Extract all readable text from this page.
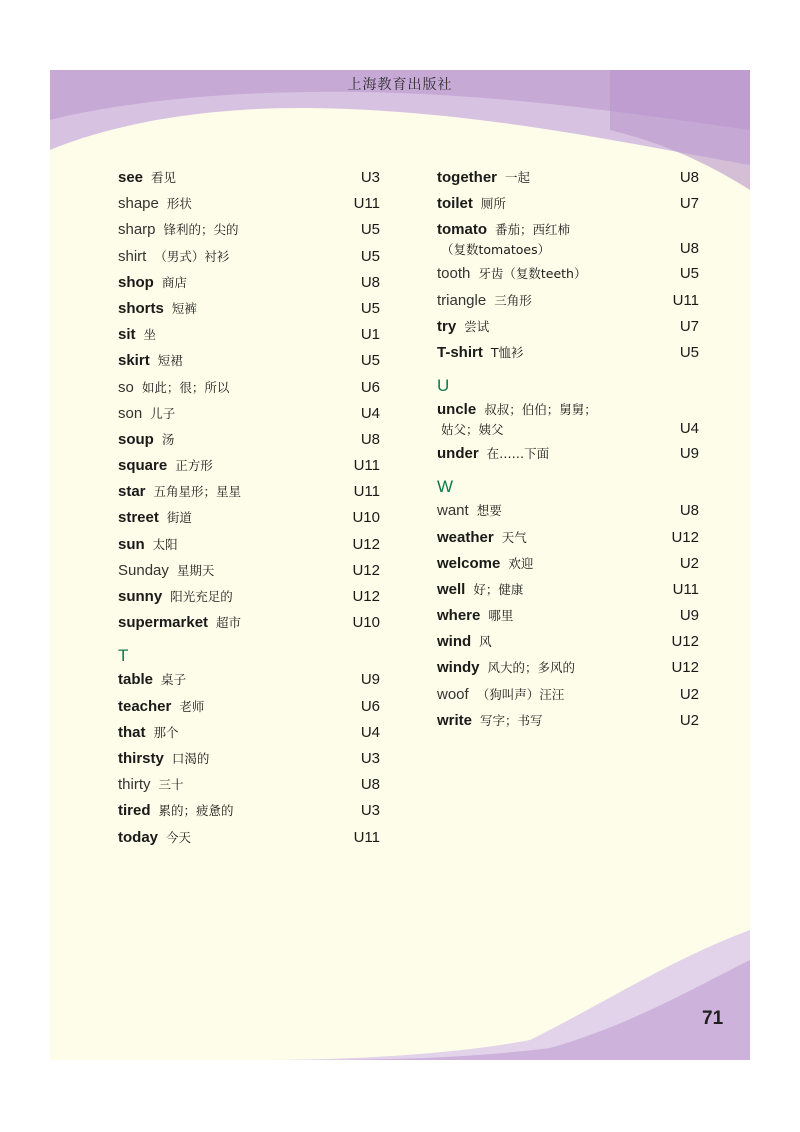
上海教育出版社
see 看见	U3
shape 形状	U11
sharp 锋利的；尖的	U5
shirt （男式）衬衫	U5
shop 商店	U8
shorts 短裤	U5
sit 坐	U1
skirt 短裙	U5
so 如此；很；所以	U6
son 儿子	U4
soup 汤	U8
square 正方形	U11
star 五角星形；星星	U11
street 街道	U10
sun 太阳	U12
Sunday 星期天	U12
sunny 阳光充足的	U12
supermarket 超市	U10
T
table 桌子	U9
teacher 老师	U6
that 那个	U4
thirsty 口渴的	U3
thirty 三十	U8
tired 累的；疲惫的	U3
today 今天	U11
together 一起	U8
toilet 厕所	U7
tomato 番茄；西红柿
（复数tomatoes）	U8
tooth 牙齿（复数teeth）	U5
triangle 三角形	U11
try 尝试	U7
T-shirt T恤衫	U5
U
uncle 叔叔；伯伯；舅舅；
姑父；姨父	U4
under 在……下面	U9
W
want 想要	U8
weather 天气	U12
welcome 欢迎	U2
well 好；健康	U11
where 哪里	U9
wind 风	U12
windy 风大的；多风的	U12
woof （狗叫声）汪汪	U2
write 写字；书写	U2
71
